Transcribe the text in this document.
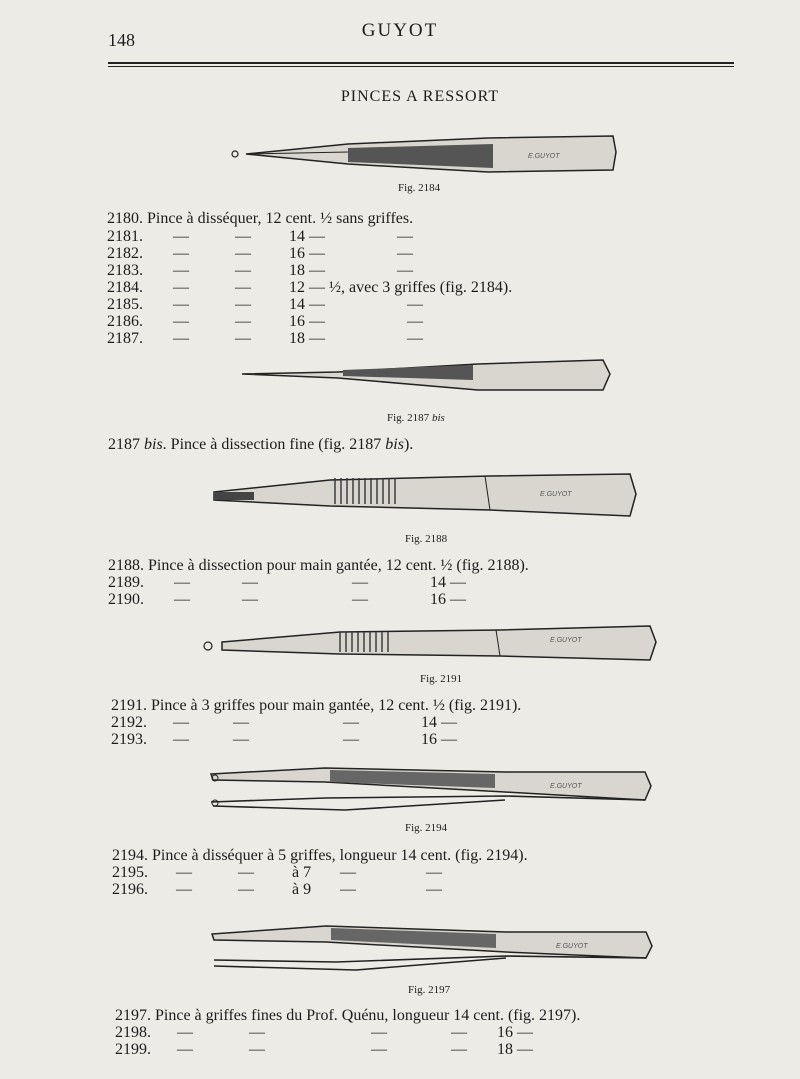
148	GUYOT
PINCES A RESSORT
E.GUYOT
Fig. 2184
2180. Pince à disséquer, 12 cent. ½ sans griffes.
2181. —	— 14 —	—
2182. —	— 16 —	—
2183. —	— 18 —	—
2184. —	— 12 — ½, avec 3 griffes (fig. 2184).
2185. —	— 14 —	—
2186. —	— 16 —	—
2187. —	— 18 —	—
E.GUYOT
Fig. 2187 bis
2187 bis. Pince à dissection fine (fig. 2187 bis).
E.GUYOT
Fig. 2188
2188. Pince à dissection pour main gantée, 12 cent. ½ (fig. 2188).
2189. —	—	—	14 —
2190. —	—	—	16 —
E.GUYOT
Fig. 2191
2191. Pince à 3 griffes pour main gantée, 12 cent. ½ (fig. 2191).
2192. —	—	—	14 —
2193. —	—	—	16 —
E.GUYOT
Fig. 2194
2194. Pince à disséquer à 5 griffes, longueur 14 cent. (fig. 2194).
2195. —	— à 7 —	—
2196. —	— à 9 —	—
E.GUYOT
Fig. 2197
2197. Pince à griffes fines du Prof. Quénu, longueur 14 cent. (fig. 2197).
2198. —	—	—	— 16 —
2199. —	—	—	— 18 —
